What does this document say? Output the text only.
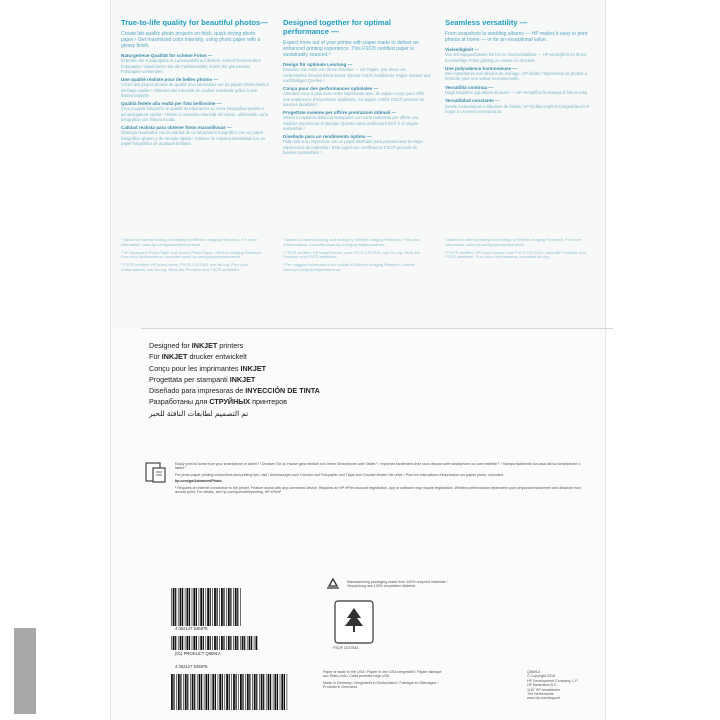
True-to-life quality for beautiful photos—

Create lab-quality photo projects on thick, quick-drying photo paper.¹ Get maximized color intensity, using photo paper with a glossy finish.

Naturgetreue Qualität für schöne Fotos —
Erstellen Sie Fotoprojekte in Laborqualität auf dickem, schnell trocknendem Fotopapier.¹ Maximieren Sie die Farbintensität, indem Sie glänzendes Fotopapier verwenden.
Une qualité réaliste pour de belles photos —
Créez des projets photos de qualité d'un laboratoire sur du papier photo épais à séchage rapide.¹ Obtenez une intensité de couleur maximale grâce à une finition brillante.
Qualità fedele alla realtà per foto bellissime —
Crea progetti fotografici di qualità da laboratorio su carta fotografica spessa e ad asciugatura rapida.¹ Ottieni la massima intensità del colore, utilizzando carta fotografica con finitura lucida.
Calidad realista para obtener fotos maravillosas —
Obtenga resultados con la calidad de un laboratorio fotográfico con un papel fotográfico grueso y de secado rápido.¹ Colores de máxima intensidad con un papel fotográfico de acabado brillante.
Designed together for optimal performance —

Expect more out of your printer with paper made to deliver an enhanced printing experience. This FSC® certified paper is sustainably sourced.³

Design für optimale Leistung —
Erwarten Sie mehr von Ihrem Drucker — mit Papier, das Ihnen ein verbessertes Druckerlebnis bietet. Dieses FSC®-zertifizierte Papier stammt aus nachhaltigen Quellen.³
Conçu pour des performances optimales —
Attendez-vous à plus avec votre imprimante avec du papier conçu pour offrir une expérience d'impression améliorée. Ce papier certifié FSC® provient de sources durables.³
Progettate insieme per offrire prestazioni ottimali —
Ottieni il massimo dalla tua stampante con carta realizzata per offrire una migliore esperienza di stampa. Questa carta certificata FSC® è di origine sostenibile.³
Diseñado para un rendimiento óptimo —
Pida más a su impresora con un papel diseñado para proporcionar la mejor experiencia de impresión. Este papel con certificación FSC® procede de fuentes sostenibles.³
Seamless versatility —

From snapshots to wedding albums — HP makes it easy to print photos at home — or for an exceptional value.

Vielseitigkeit —
Von Schnappschüssen bis hin zu Hochzeitsalben — HP ermöglicht es Ihnen, hochwertige Fotos günstig zu Hause zu drucken.
Une polyvalence harmonieuse —
Des instantanés aux albums de mariage, HP facilite l'impression de photos à domicile pour une valeur exceptionnelle.
Versatilità continua —
Dagli snapshot agli album di nozze — HP semplifica la stampa di foto a casa.
Versatilidad constante —
Desde instantáneas a álbumes de bodas, HP facilita imprimir fotografías en el hogar a un precio excepcional.

¹ Based on internal testing and testing by Wilhelm Imaging Research. For more information, www.hp.com/go/printpermanence

² HP Advanced Photo Paper and Glossy Photo Paper: Wilhelm Imaging Research. Pour plus d'informations, consultez www.hp.com/go/printpermanence

³ FSC® certified. HP brand name, FSC®-C017543, see fsc.org. Pour plus d'informations, voir fsc.org. Nicht alle Produkte sind FSC®-zertifiziert.

¹ Based on internal testing and testing by Wilhelm Imaging Research. Pour plus d'informations, consultez www.hp.com/go/printpermanence

² FSC® certified. HP brand license code FSC®-C017543, see fsc.org. Nicht alle Produkte sind FSC®-zertifiziert.

³ Per maggiori informazioni sui risultati di Wilhelm Imaging Research, visitare www.hp.com/go/printpermanence

¹ Based on internal testing and testing by Wilhelm Imaging Research. For more information, www.hp.com/go/printpermanence

² FSC® certified. HP brand license code FSC®-C017543. Nicht alle Produkte sind FSC®-zertifiziert. Pour plus d'informations, consultez fsc.org

Designed for INKJET printers
Für INKJET drucker entwickelt
Conçu pour les imprimantes INKJET
Progettata per stampanti INKJET
Diseñado para impresoras de INYECCIÓN DE TINTA
Разработаны для СТРУЙНЫХ принтеров
تم التصميم لطابعات النافثة للحبر

Easily print at home from your smartphone or tablet.¹ / Drucken Sie zu Hause ganz einfach von Ihrem Smartphone oder Tablet.¹ / Imprimez facilement chez vous depuis votre smartphone ou votre tablette.¹ / Stampa facilmente da casa dal tuo smartphone o tablet.¹

For photo paper printing instructions and printing tips, visit / Anweisungen zum Drucken auf Fotopapier und Tipps zum Drucken finden Sie unter / Pour les instructions d'impression sur papier photo, consultez

hp.com/go/AdvancedPhoto

¹ Requires an internet connection to the printer. Feature works with any connected device. Requires an HP ePrint account registration. App or software may require registration. Wireless performance dependent upon physical environment and distance from access point. For details, see hp.com/go/mobileprinting. HP ePrint¹

Manufacturing packaging made from 100% recycled materials / Verpackung aus 100% recyceltem Material
FSC® C017543
4 052127 545975
(01) PRODUCT Q8691A
4 052127 545975

Paper is made in the USA / Papier in den USA hergestellt / Papier fabriqué aux États-Unis / Carta prodotta negli USA

Made in Germany / Hergestellt in Deutschland / Fabriqué en Allemagne / Prodotto in Germania

Q8691A
© Copyright 2018
HP Development Company, L.P.
HP Nederland B.V.
1187 HP Amstelveen
The Netherlands
www.hp.com/support
